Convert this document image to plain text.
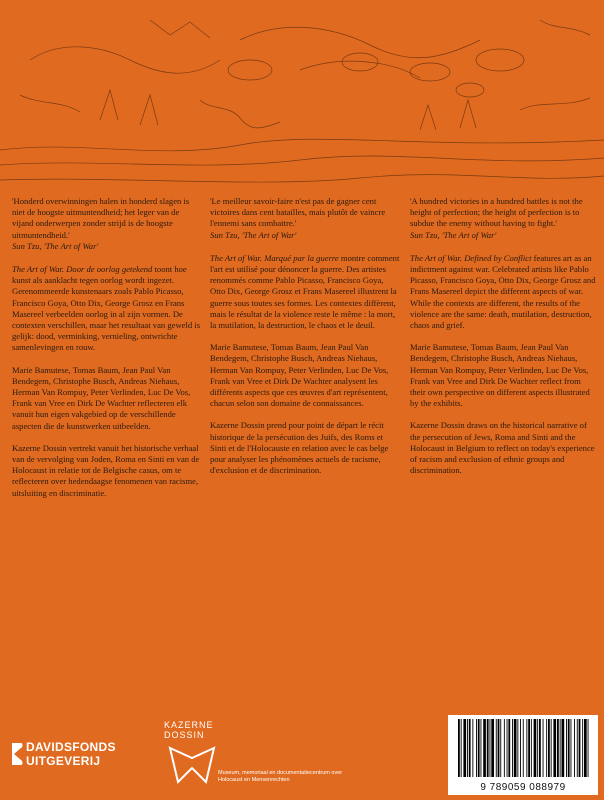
'Honderd overwinningen halen in honderd slagen is niet de hoogste uitmuntendheid; het leger van de vijand onderwerpen zonder strijd is de hoogste uitmuntendheid.'
Sun Tzu, 'The Art of War'

The Art of War. Door de oorlog getekend toont hoe kunst als aanklacht tegen oorlog wordt ingezet. Gerenommeerde kunstenaars zoals Pablo Picasso, Francisco Goya, Otto Dix, George Grosz en Frans Masereel verbeelden oorlog in al zijn vormen. De contexten verschillen, maar het resultaat van geweld is gelijk: dood, verminking, vernieling, ontwrichte samenlevingen en rouw.

Marie Bamutese, Tomas Baum, Jean Paul Van Bendegem, Christophe Busch, Andreas Niehaus, Herman Van Rompuy, Peter Verlinden, Luc De Vos, Frank van Vree en Dirk De Wachter reflecteren elk vanuit hun eigen vakgebied op de verschillende aspecten die de kunstwerken uitbeelden.

Kazerne Dossin vertrekt vanuit het historische verhaal van de vervolging van Joden, Roma en Sinti en van de Holocaust in relatie tot de Belgische casus, om te reflecteren over hedendaagse fenomenen van racisme, uitsluiting en discriminatie.

'Le meilleur savoir-faire n'est pas de gagner cent victoires dans cent batailles, mais plutôt de vaincre l'ennemi sans combattre.'
Sun Tzu, 'The Art of War'

The Art of War. Marqué par la guerre montre comment l'art est utilisé pour dénoncer la guerre. Des artistes renommés comme Pablo Picasso, Francisco Goya, Otto Dix, George Grosz et Frans Masereel illustrent la guerre sous toutes ses formes. Les contextes diffèrent, mais le résultat de la violence reste le même : la mort, la mutilation, la destruction, le chaos et le deuil.

Marie Bamutese, Tomas Baum, Jean Paul Van Bendegem, Christophe Busch, Andreas Niehaus, Herman Van Rompuy, Peter Verlinden, Luc De Vos, Frank van Vree et Dirk De Wachter analysent les différents aspects que ces œuvres d'art représentent, chacun selon son domaine de connaissances.

Kazerne Dossin prend pour point de départ le récit historique de la persécution des Juifs, des Roms et Sinti et de l'Holocauste en relation avec le cas belge pour analyser les phénomènes actuels de racisme, d'exclusion et de discrimination.

'A hundred victories in a hundred battles is not the height of perfection; the height of perfection is to subdue the enemy without having to fight.'
Sun Tzu, 'The Art of War'

The Art of War. Defined by Conflict features art as an indictment against war. Celebrated artists like Pablo Picasso, Francisco Goya, Otto Dix, George Grosz and Frans Masereel depict the different aspects of war. While the contexts are different, the results of the violence are the same: death, mutilation, destruction, chaos and grief.

Marie Bamutese, Tomas Baum, Jean Paul Van Bendegem, Christophe Busch, Andreas Niehaus, Herman Van Rompuy, Peter Verlinden, Luc De Vos, Frank van Vree and Dirk De Wachter reflect from their own perspective on different aspects illustrated by the exhibits.

Kazerne Dossin draws on the historical narrative of the persecution of Jews, Roma and Sinti and the Holocaust in Belgium to reflect on today's experience of racism and exclusion of ethnic groups and discrimination.

DAVIDSFONDS
UITGEVERIJ
KAZERNE
DOSSIN
Museum, memoriaal en documentatiecentrum over Holocaust en Mensenrechten
9 789059 088979
